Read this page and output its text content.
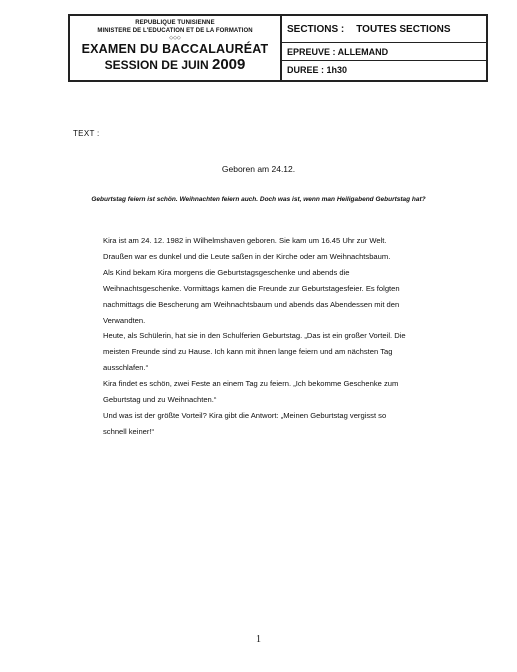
REPUBLIQUE TUNISIENNE
MINISTERE DE L'EDUCATION ET DE LA FORMATION
◇◇◇
EXAMEN DU BACCALAURÉAT
SESSION DE JUIN 2009
SECTIONS : TOUTES SECTIONS
EPREUVE : ALLEMAND
DUREE : 1h30
TEXT :
Geboren am 24.12.
Geburtstag feiern ist schön. Weihnachten feiern auch. Doch was ist, wenn man Heiligabend Geburtstag hat?
Kira ist am 24. 12. 1982 in Wilhelmshaven geboren. Sie kam um 16.45 Uhr zur Welt.
Draußen war es dunkel und die Leute saßen in der Kirche oder am Weihnachtsbaum.
Als Kind bekam Kira morgens die Geburtstagsgeschenke und abends die
Weihnachtsgeschenke. Vormittags kamen die Freunde zur Geburtstagesfeier. Es folgten
nachmittags die Bescherung am Weihnachtsbaum und abends das Abendessen mit den
Verwandten.
Heute, als Schülerin, hat sie in den Schulferien Geburtstag. „Das ist ein großer Vorteil. Die
meisten Freunde sind zu Hause. Ich kann mit ihnen lange feiern und am nächsten Tag
ausschlafen.“
Kira findet es schön, zwei Feste an einem Tag zu feiern. „Ich bekomme Geschenke zum
Geburtstag und zu Weihnachten.“
Und was ist der größte Vorteil? Kira gibt die Antwort: „Meinen Geburtstag vergisst so
schnell keiner!“
1
